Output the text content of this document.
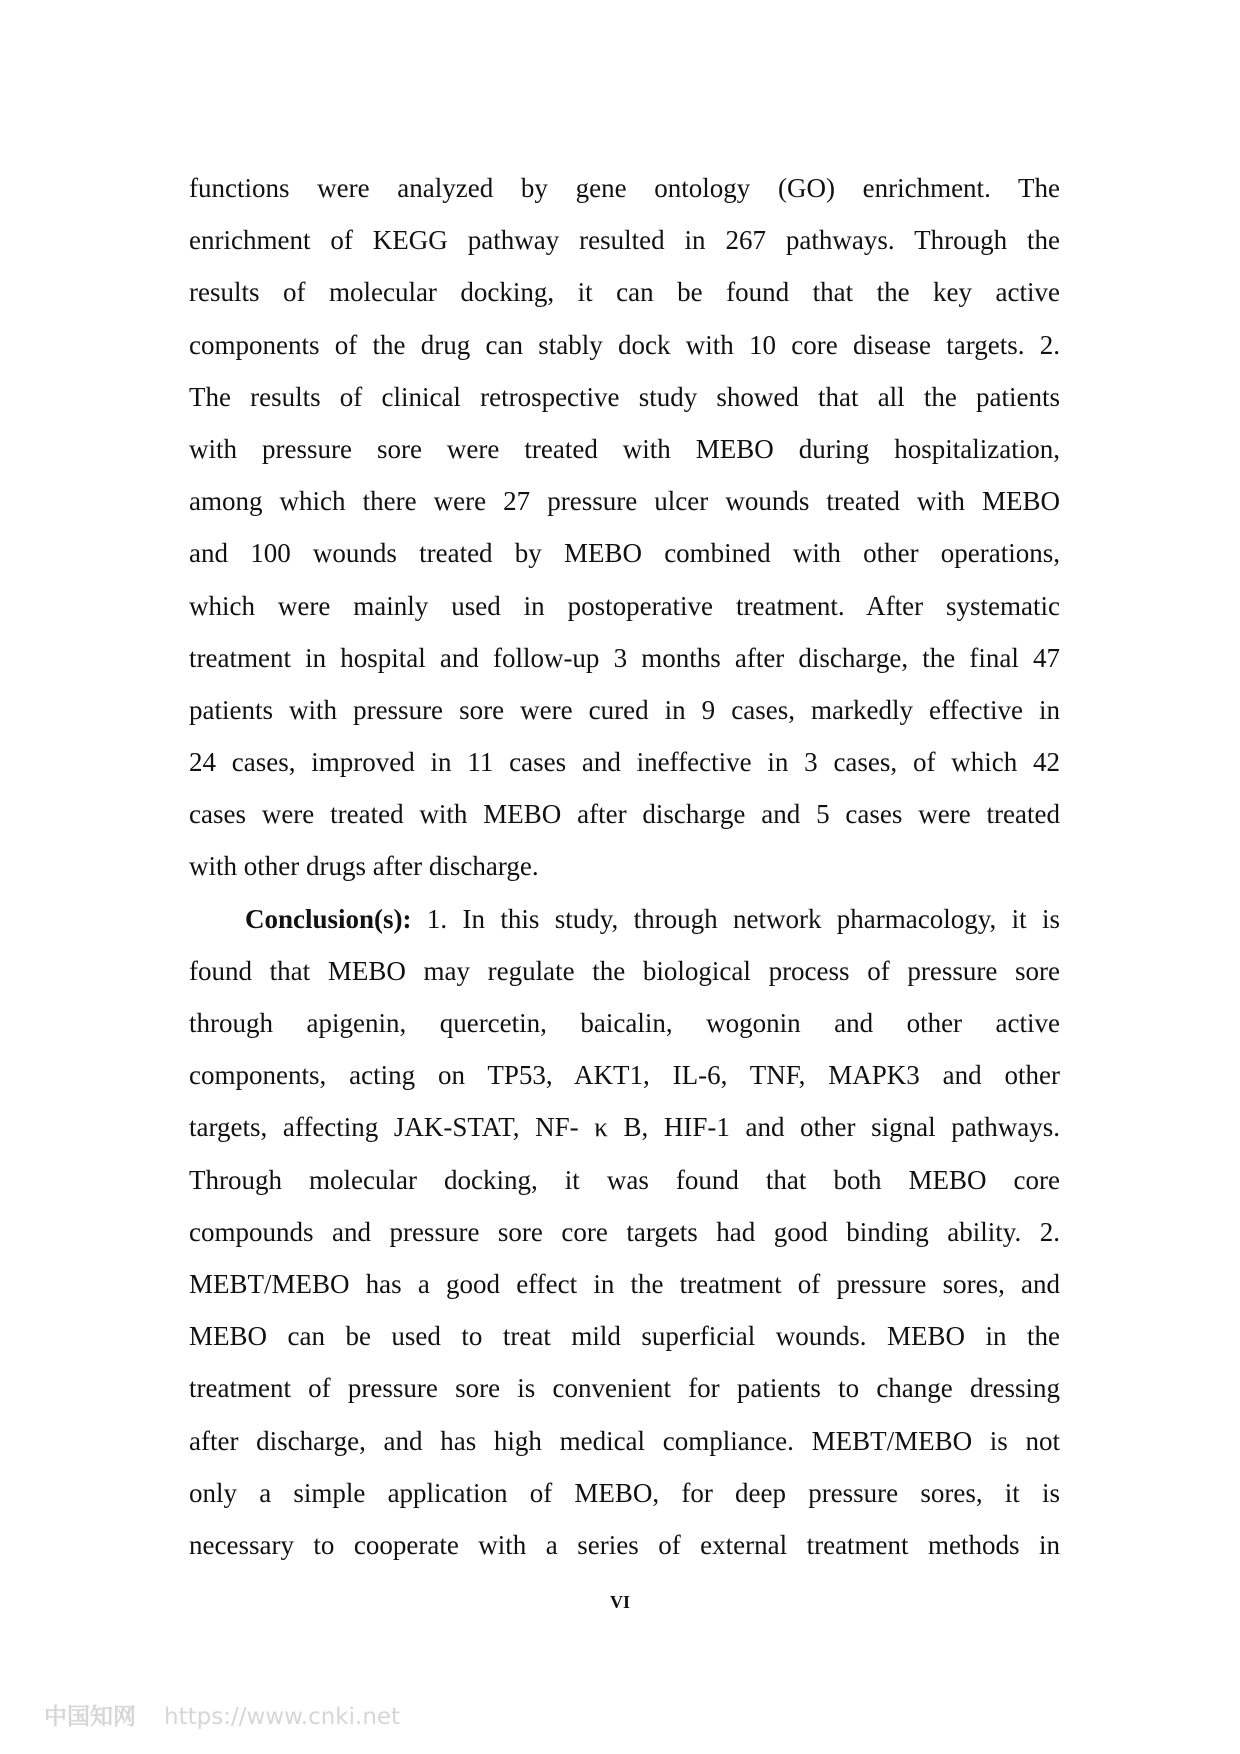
functions were analyzed by gene ontology (GO) enrichment. The
enrichment of KEGG pathway resulted in 267 pathways. Through the
results of molecular docking, it can be found that the key active
components of the drug can stably dock with 10 core disease targets. 2.
The results of clinical retrospective study showed that all the patients
with pressure sore were treated with MEBO during hospitalization,
among which there were 27 pressure ulcer wounds treated with MEBO
and 100 wounds treated by MEBO combined with other operations,
which were mainly used in postoperative treatment. After systematic
treatment in hospital and follow-up 3 months after discharge, the final 47
patients with pressure sore were cured in 9 cases, markedly effective in
24 cases, improved in 11 cases and ineffective in 3 cases, of which 42
cases were treated with MEBO after discharge and 5 cases were treated
with other drugs after discharge.
Conclusion(s): 1. In this study, through network pharmacology, it is
found that MEBO may regulate the biological process of pressure sore
through apigenin, quercetin, baicalin, wogonin and other active
components, acting on TP53, AKT1, IL-6, TNF, MAPK3 and other
targets, affecting JAK-STAT, NF- κ B, HIF-1 and other signal pathways.
Through molecular docking, it was found that both MEBO core
compounds and pressure sore core targets had good binding ability. 2.
MEBT/MEBO has a good effect in the treatment of pressure sores, and
MEBO can be used to treat mild superficial wounds. MEBO in the
treatment of pressure sore is convenient for patients to change dressing
after discharge, and has high medical compliance. MEBT/MEBO is not
only a simple application of MEBO, for deep pressure sores, it is
necessary to cooperate with a series of external treatment methods in
VI
中国知网 https://www.cnki.net
